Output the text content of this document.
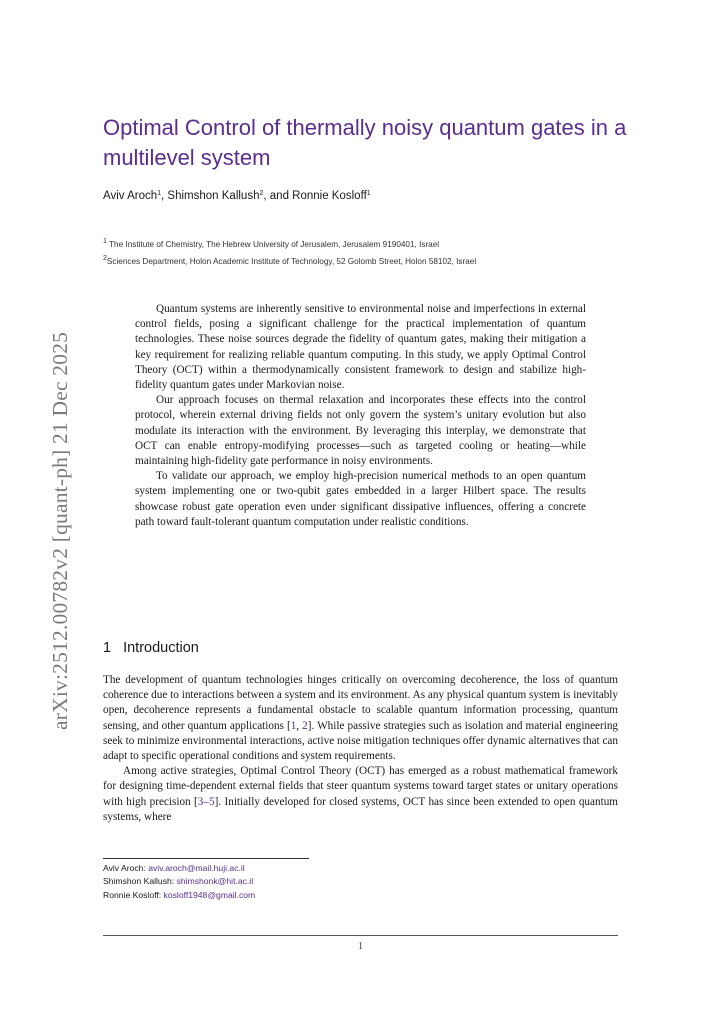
arXiv:2512.00782v2 [quant-ph] 21 Dec 2025
Optimal Control of thermally noisy quantum gates in a multilevel system
Aviv Aroch$^1$, Shimshon Kallush$^2$, and Ronnie Kosloff$^1$
$^1$ The Institute of Chemistry, The Hebrew University of Jerusalem, Jerusalem 9190401, Israel
$^2$Sciences Department, Holon Academic Institute of Technology, 52 Golomb Street, Holon 58102, Israel

Quantum systems are inherently sensitive to environmental noise and imperfections in external control fields, posing a significant challenge for the practical implementation of quantum technologies. These noise sources degrade the fidelity of quantum gates, making their mitigation a key requirement for realizing reliable quantum computing. In this study, we apply Optimal Control Theory (OCT) within a thermodynamically consistent framework to design and stabilize high-fidelity quantum gates under Markovian noise.

Our approach focuses on thermal relaxation and incorporates these effects into the control protocol, wherein external driving fields not only govern the system’s unitary evolution but also modulate its interaction with the environment. By leveraging this interplay, we demonstrate that OCT can enable entropy-modifying processes—such as targeted cooling or heating—while maintaining high-fidelity gate performance in noisy environments.

To validate our approach, we employ high-precision numerical methods to an open quantum system implementing one or two-qubit gates embedded in a larger Hilbert space. The results showcase robust gate operation even under significant dissipative influences, offering a concrete path toward fault-tolerant quantum computation under realistic conditions.

1 Introduction

The development of quantum technologies hinges critically on overcoming decoherence, the loss of quantum coherence due to interactions between a system and its environment. As any physical quantum system is inevitably open, decoherence represents a fundamental obstacle to scalable quantum information processing, quantum sensing, and other quantum applications [1, 2]. While passive strategies such as isolation and material engineering seek to minimize environmental interactions, active noise mitigation techniques offer dynamic alternatives that can adapt to specific operational conditions and system requirements.

Among active strategies, Optimal Control Theory (OCT) has emerged as a robust mathematical framework for designing time-dependent external fields that steer quantum systems toward target states or unitary operations with high precision [3–5]. Initially developed for closed systems, OCT has since been extended to open quantum systems, where

Aviv Aroch: aviv.aroch@mail.huji.ac.il
Shimshon Kallush: shimshonk@hit.ac.il
Ronnie Kosloff: kosloff1948@gmail.com
1
